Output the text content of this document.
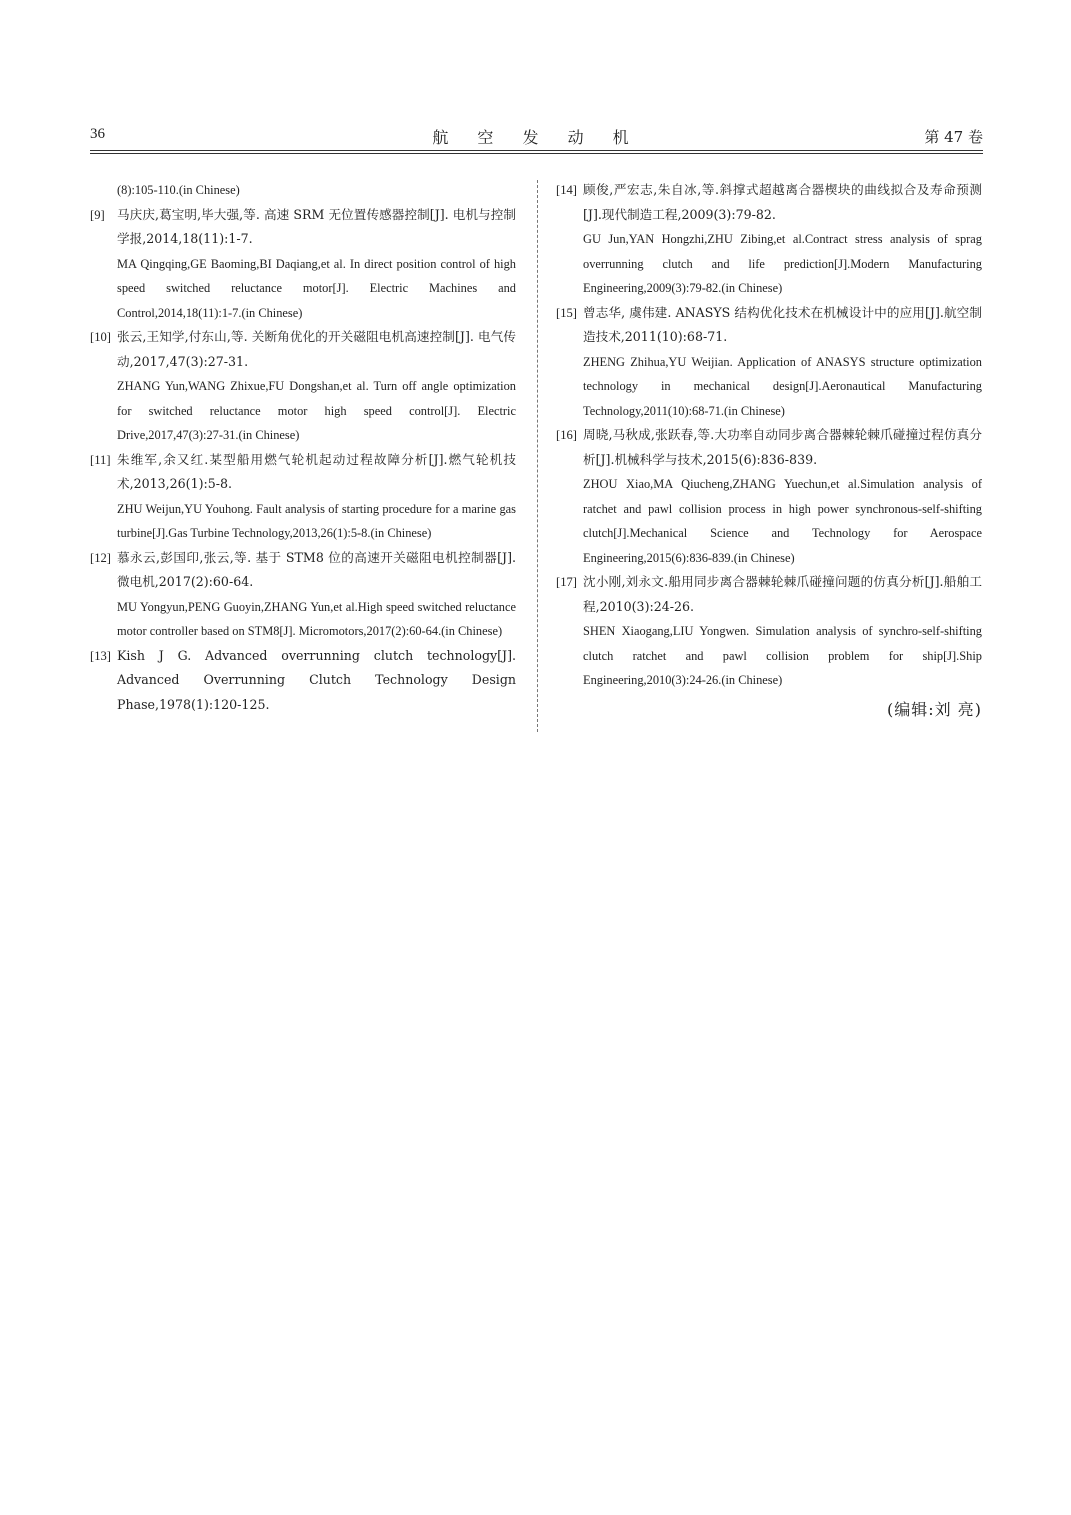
36	航 空 发 动 机	第 47 卷
(8):105-110.(in Chinese)
[9] 马庆庆,葛宝明,毕大强,等. 高速 SRM 无位置传感器控制[J]. 电机与控制学报,2014,18(11):1-7.
MA Qingqing,GE Baoming,BI Daqiang,et al. In direct position control of high speed switched reluctance motor[J]. Electric Machines and Control,2014,18(11):1-7.(in Chinese)
[10] 张云,王知学,付东山,等. 关断角优化的开关磁阻电机高速控制[J]. 电气传动,2017,47(3):27-31.
ZHANG Yun,WANG Zhixue,FU Dongshan,et al. Turn off angle optimization for switched reluctance motor high speed control[J]. Electric Drive,2017,47(3):27-31.(in Chinese)
[11] 朱维军,余又红.某型船用燃气轮机起动过程故障分析[J].燃气轮机技术,2013,26(1):5-8.
ZHU Weijun,YU Youhong. Fault analysis of starting procedure for a marine gas turbine[J].Gas Turbine Technology,2013,26(1):5-8.(in Chinese)
[12] 慕永云,彭国印,张云,等. 基于 STM8 位的高速开关磁阻电机控制器[J]. 微电机,2017(2):60-64.
MU Yongyun,PENG Guoyin,ZHANG Yun,et al.High speed switched reluctance motor controller based on STM8[J]. Micromotors,2017(2):60-64.(in Chinese)
[13] Kish J G. Advanced overrunning clutch technology[J]. Advanced Overrunning Clutch Technology Design Phase,1978(1):120-125.
[14] 顾俊,严宏志,朱自冰,等.斜撑式超越离合器楔块的曲线拟合及寿命预测[J].现代制造工程,2009(3):79-82.
GU Jun,YAN Hongzhi,ZHU Zibing,et al.Contract stress analysis of sprag overrunning clutch and life prediction[J].Modern Manufacturing Engineering,2009(3):79-82.(in Chinese)
[15] 曾志华, 虞伟建. ANASYS 结构优化技术在机械设计中的应用[J].航空制造技术,2011(10):68-71.
ZHENG Zhihua,YU Weijian. Application of ANASYS structure optimization technology in mechanical design[J].Aeronautical Manufacturing Technology,2011(10):68-71.(in Chinese)
[16] 周晓,马秋成,张跃春,等.大功率自动同步离合器棘轮棘爪碰撞过程仿真分析[J].机械科学与技术,2015(6):836-839.
ZHOU Xiao,MA Qiucheng,ZHANG Yuechun,et al.Simulation analysis of ratchet and pawl collision process in high power synchronous-self-shifting clutch[J].Mechanical Science and Technology for Aerospace Engineering,2015(6):836-839.(in Chinese)
[17] 沈小刚,刘永文.船用同步离合器棘轮棘爪碰撞问题的仿真分析[J].船舶工程,2010(3):24-26.
SHEN Xiaogang,LIU Yongwen. Simulation analysis of synchro-self-shifting clutch ratchet and pawl collision problem for ship[J].Ship Engineering,2010(3):24-26.(in Chinese)
(编辑:刘 亮)
